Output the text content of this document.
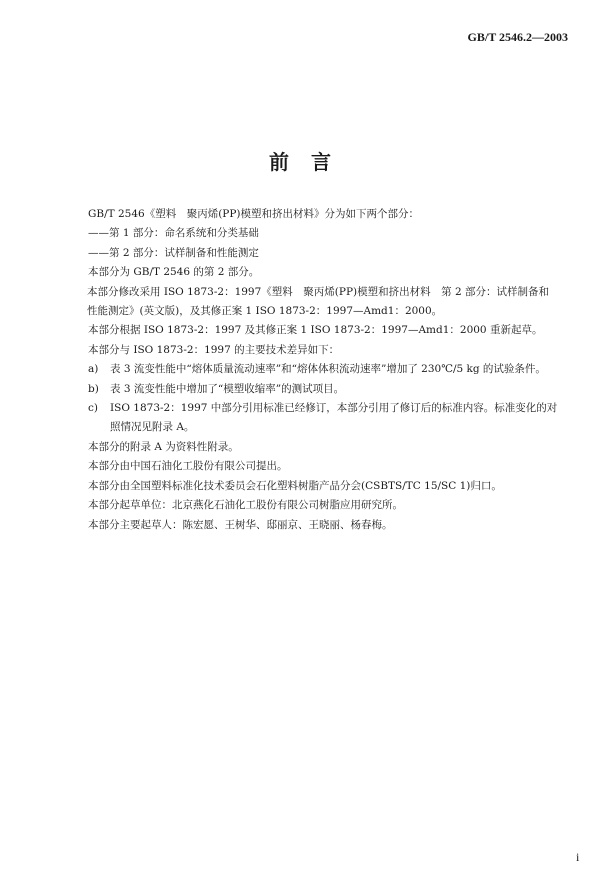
GB/T 2546.2—2003
前言
GB/T 2546《塑料　聚丙烯(PP)模塑和挤出材料》分为如下两个部分：
——第 1 部分：命名系统和分类基础
——第 2 部分：试样制备和性能测定
本部分为 GB/T 2546 的第 2 部分。
本部分修改采用 ISO 1873-2：1997《塑料　聚丙烯(PP)模塑和挤出材料　第 2 部分：试样制备和性能测定》(英文版)，及其修正案 1 ISO 1873-2：1997—Amd1：2000。
本部分根据 ISO 1873-2：1997 及其修正案 1 ISO 1873-2：1997—Amd1：2000 重新起草。
本部分与 ISO 1873-2：1997 的主要技术差异如下：
a)	表 3 流变性能中“熔体质量流动速率”和“熔体体积流动速率”增加了 230℃/5 kg 的试验条件。
b)	表 3 流变性能中增加了“模塑收缩率”的测试项目。
c)	ISO 1873-2：1997 中部分引用标准已经修订，本部分引用了修订后的标准内容。标准变化的对照情况见附录 A。
本部分的附录 A 为资料性附录。
本部分由中国石油化工股份有限公司提出。
本部分由全国塑料标准化技术委员会石化塑料树脂产品分会(CSBTS/TC 15/SC 1)归口。
本部分起草单位：北京燕化石油化工股份有限公司树脂应用研究所。
本部分主要起草人：陈宏愿、王树华、邸丽京、王晓丽、杨春梅。
i
